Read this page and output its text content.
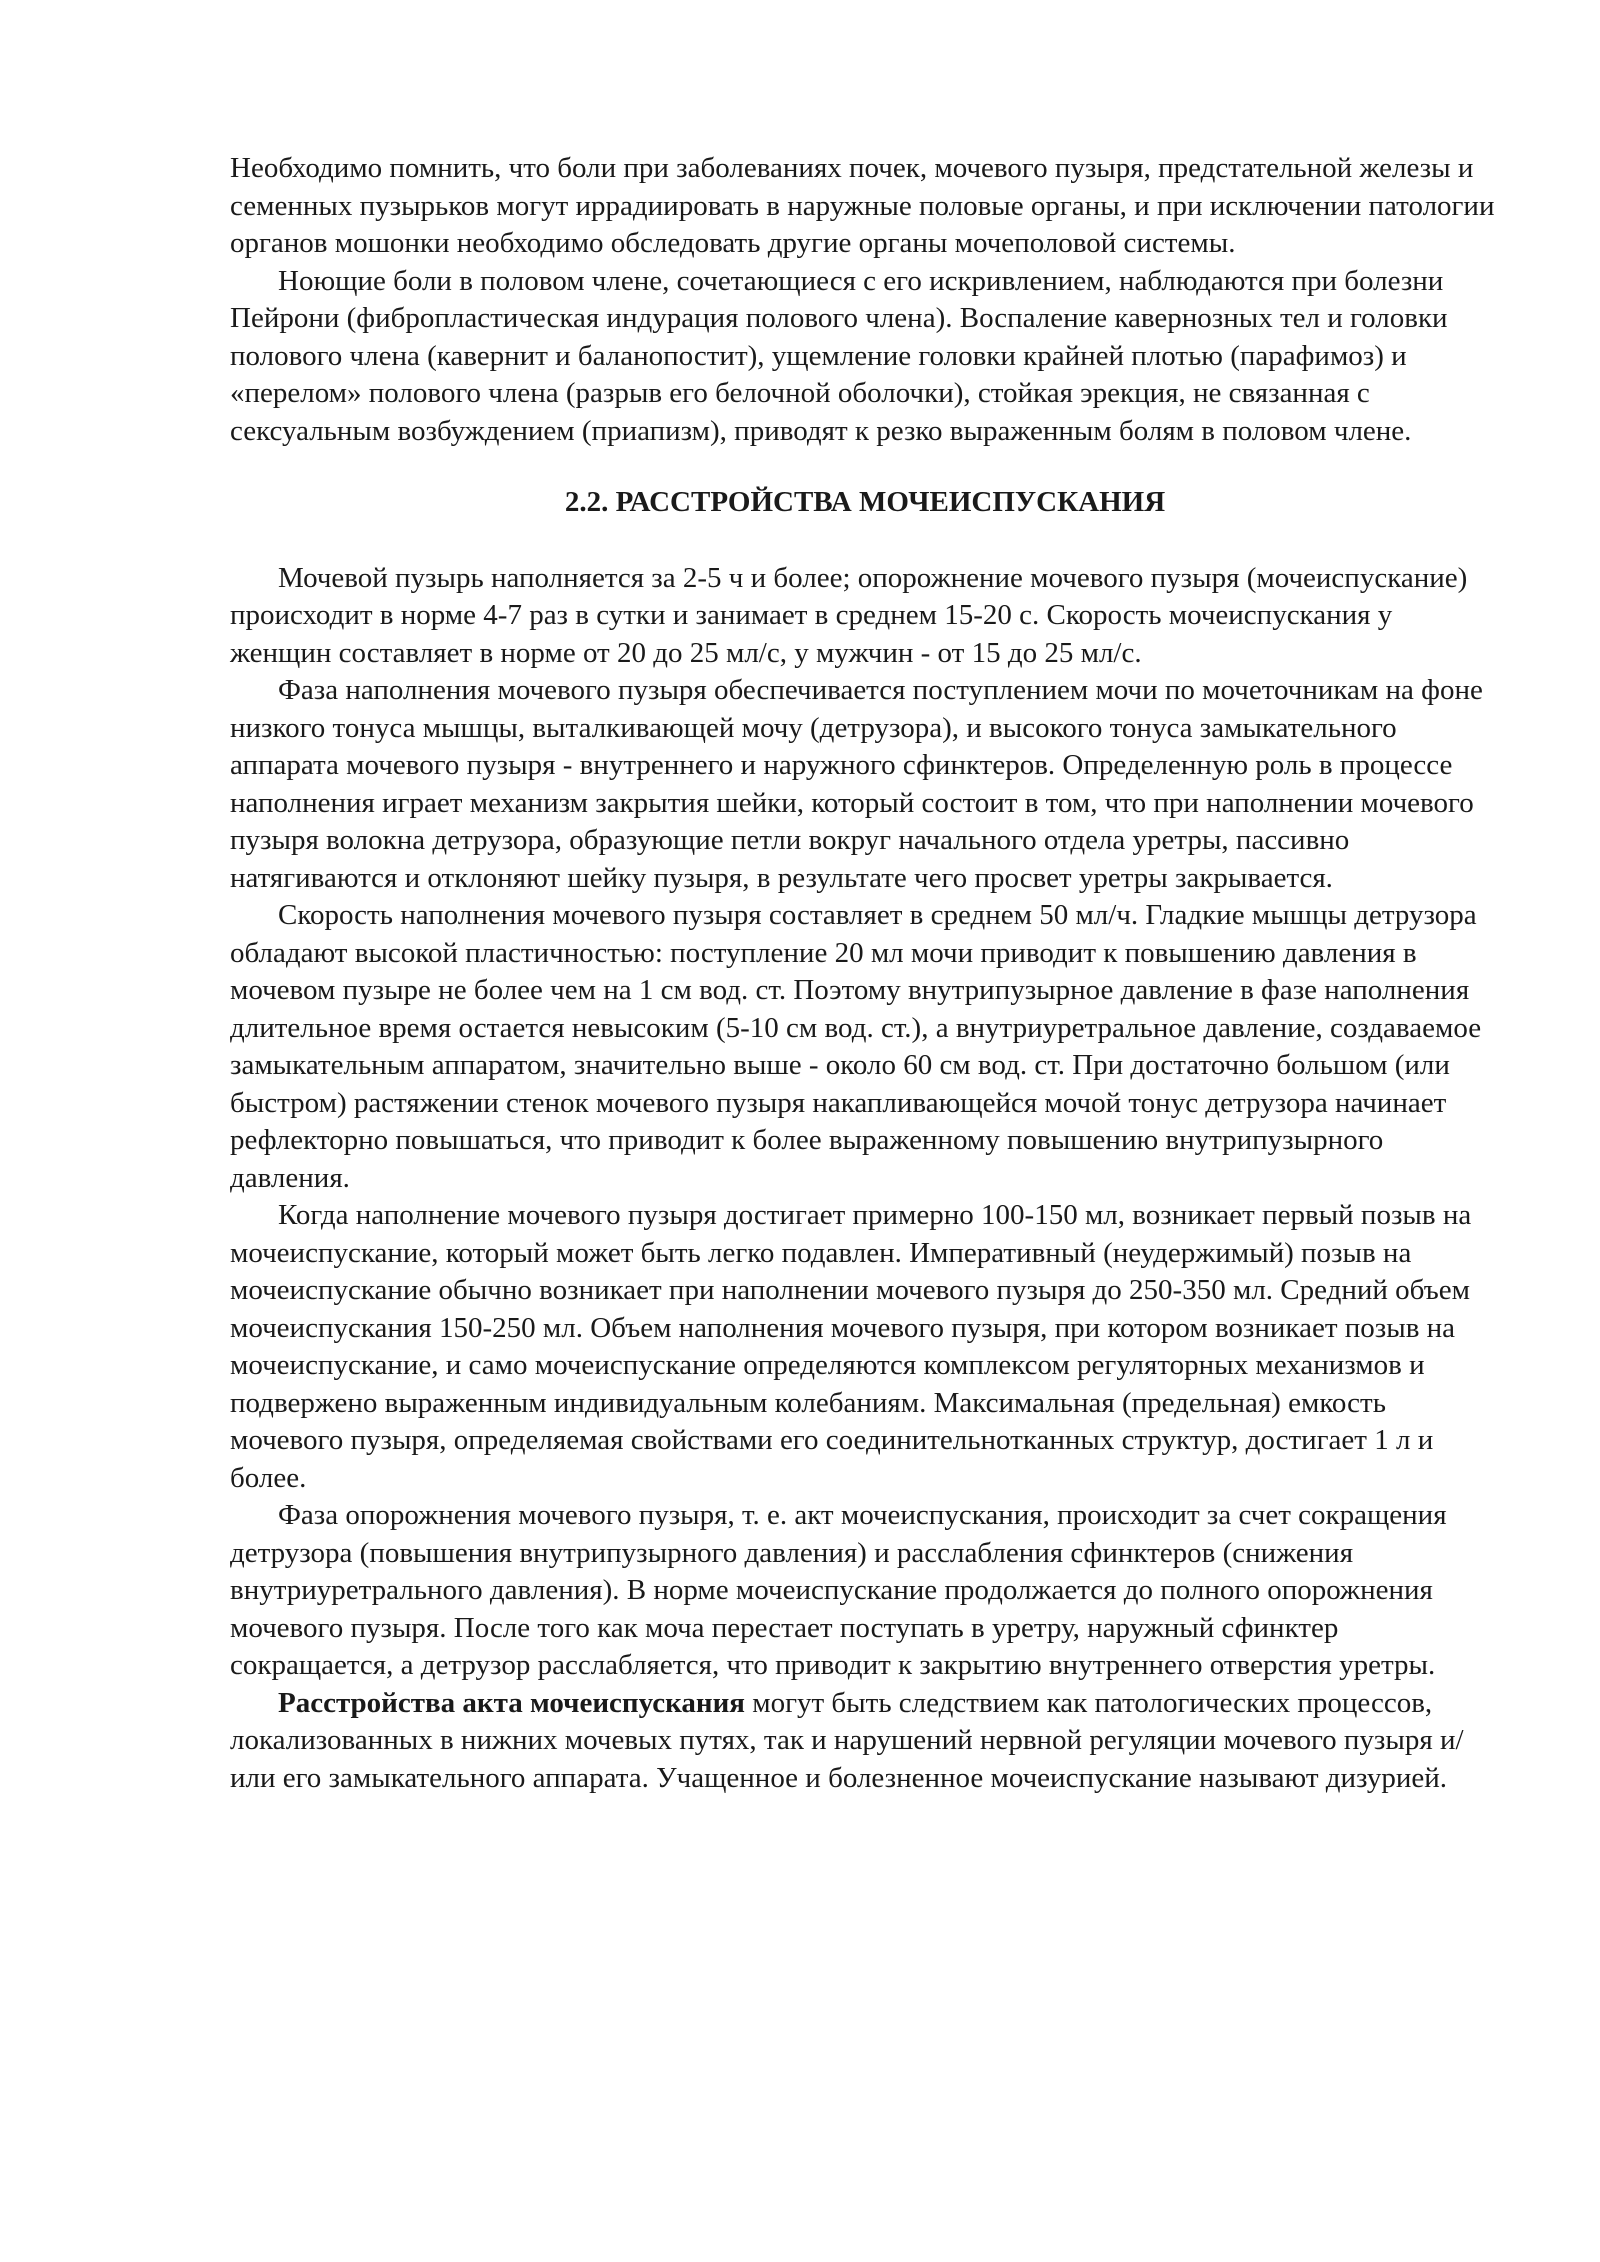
Необходимо помнить, что боли при заболеваниях почек, мочевого пузыря, предстательной железы и семенных пузырьков могут иррадиировать в наружные половые органы, и при исключении патологии органов мошонки необходимо обследовать другие органы мочеполовой системы.

Ноющие боли в половом члене, сочетающиеся с его искривлением, наблюдаются при болезни Пейрони (фибропластическая индурация полового члена). Воспаление кавернозных тел и головки полового члена (кавернит и баланопостит), ущемление головки крайней плотью (парафимоз) и «перелом» полового члена (разрыв его белочной оболочки), стойкая эрекция, не связанная с сексуальным возбуждением (приапизм), приводят к резко выраженным болям в половом члене.

2.2. РАССТРОЙСТВА МОЧЕИСПУСКАНИЯ

Мочевой пузырь наполняется за 2-5 ч и более; опорожнение мочевого пузыря (мочеиспускание) происходит в норме 4-7 раз в сутки и занимает в среднем 15-20 с. Скорость мочеиспускания у женщин составляет в норме от 20 до 25 мл/с, у мужчин - от 15 до 25 мл/с.

Фаза наполнения мочевого пузыря обеспечивается поступлением мочи по мочеточникам на фоне низкого тонуса мышцы, выталкивающей мочу (детрузора), и высокого тонуса замыкательного аппарата мочевого пузыря - внутреннего и наружного сфинктеров. Определенную роль в процессе наполнения играет механизм закрытия шейки, который состоит в том, что при наполнении мочевого пузыря волокна детрузора, образующие петли вокруг начального отдела уретры, пассивно натягиваются и отклоняют шейку пузыря, в результате чего просвет уретры закрывается.

Скорость наполнения мочевого пузыря составляет в среднем 50 мл/ч. Гладкие мышцы детрузора обладают высокой пластичностью: поступление 20 мл мочи приводит к повышению давления в мочевом пузыре не более чем на 1 см вод. ст. Поэтому внутрипузырное давление в фазе наполнения длительное время остается невысоким (5-10 см вод. ст.), а внутриуретральное давление, создаваемое замыкательным аппаратом, значительно выше - около 60 см вод. ст. При достаточно большом (или быстром) растяжении стенок мочевого пузыря накапливающейся мочой тонус детрузора начинает рефлекторно повышаться, что приводит к более выраженному повышению внутрипузырного давления.

Когда наполнение мочевого пузыря достигает примерно 100-150 мл, возникает первый позыв на мочеиспускание, который может быть легко подавлен. Императивный (неудержимый) позыв на мочеиспускание обычно возникает при наполнении мочевого пузыря до 250-350 мл. Средний объем мочеиспускания 150-250 мл. Объем наполнения мочевого пузыря, при котором возникает позыв на мочеиспускание, и само мочеиспускание определяются комплексом регуляторных механизмов и подвержено выраженным индивидуальным колебаниям. Максимальная (предельная) емкость мочевого пузыря, определяемая свойствами его соединительнотканных структур, достигает 1 л и более.

Фаза опорожнения мочевого пузыря, т. е. акт мочеиспускания, происходит за счет сокращения детрузора (повышения внутрипузырного давления) и расслабления сфинктеров (снижения внутриуретрального давления). В норме мочеиспускание продолжается до полного опорожнения мочевого пузыря. После того как моча перестает поступать в уретру, наружный сфинктер сокращается, а детрузор расслабляется, что приводит к закрытию внутреннего отверстия уретры.

Расстройства акта мочеиспускания могут быть следствием как патологических процессов, локализованных в нижних мочевых путях, так и нарушений нервной регуляции мочевого пузыря и/или его замыкательного аппарата. Учащенное и болезненное мочеиспускание называют дизурией.
